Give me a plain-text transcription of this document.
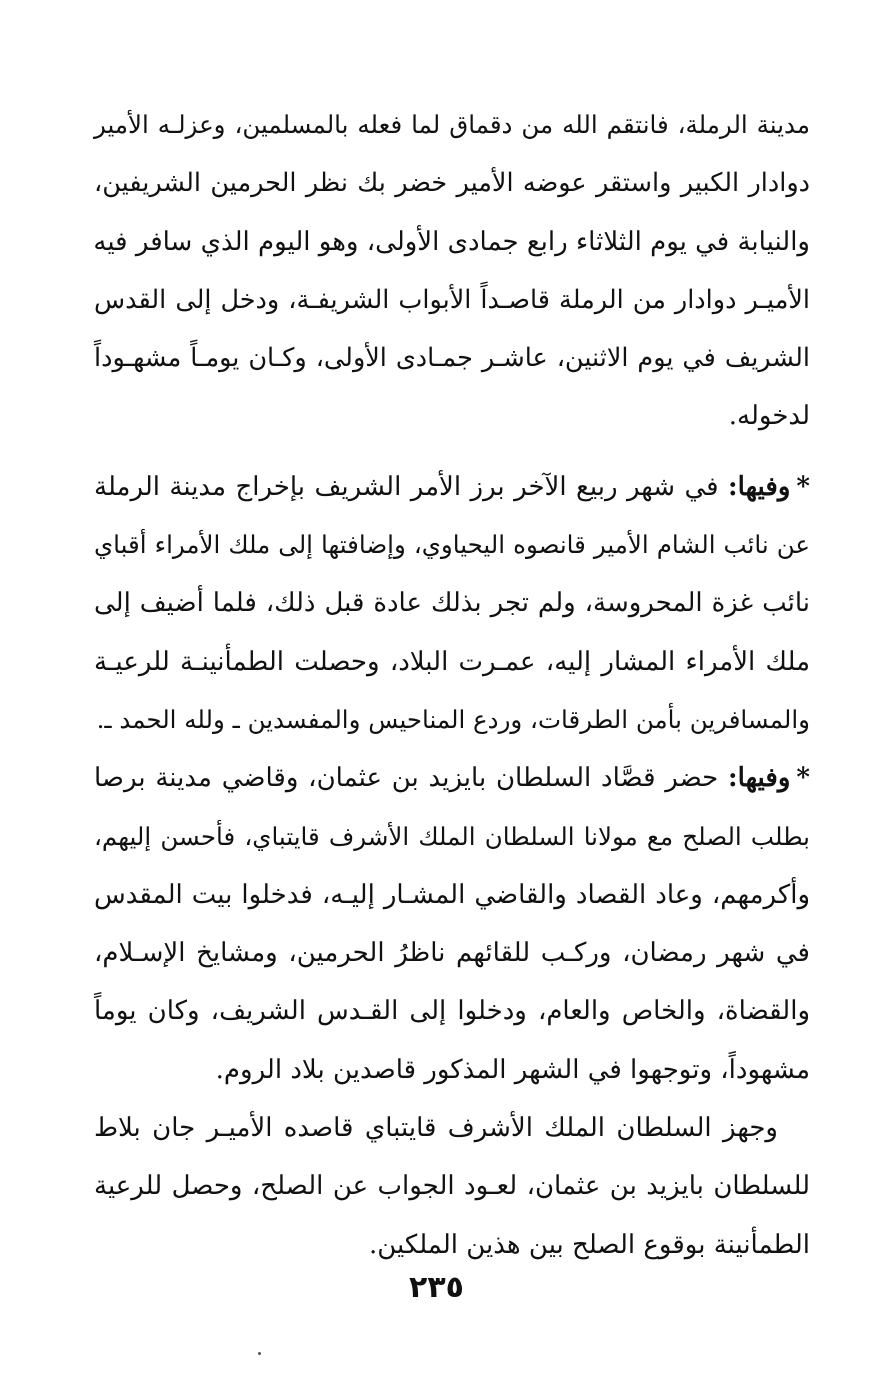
مدينة الرملة، فانتقم الله من دقماق لما فعله بالمسلمين، وعزلـه الأمير
دوادار الكبير واستقر عوضه الأمير خضر بك نظر الحرمين الشريفين،
والنيابة في يوم الثلاثاء رابع جمادى الأولى، وهو اليوم الذي سافر فيه
الأميـر دوادار من الرملة قاصـداً الأبواب الشريفـة، ودخل إلى القدس
الشريف في يوم الاثنين، عاشـر جمـادى الأولى، وكـان يومـاً مشهـوداً
لدخوله.
*وفيها: في شهر ربيع الآخر برز الأمر الشريف بإخراج مدينة الرملة
عن نائب الشام الأمير قانصوه اليحياوي، وإضافتها إلى ملك الأمراء أقباي
نائب غزة المحروسة، ولم تجر بذلك عادة قبل ذلك، فلما أضيف إلى
ملك الأمراء المشار إليه، عمـرت البلاد، وحصلت الطمأنينـة للرعيـة
والمسافرين بأمن الطرقات، وردع المناحيس والمفسدين ـ ولله الحمد ـ.
*وفيها: حضر قصَّاد السلطان بايزيد بن عثمان، وقاضي مدينة برصا
بطلب الصلح مع مولانا السلطان الملك الأشرف قايتباي، فأحسن إليهم،
وأكرمهم، وعاد القصاد والقاضي المشـار إليـه، فدخلوا بيت المقدس
في شهر رمضان، وركـب للقائهم ناظرُ الحرمين، ومشايخ الإسـلام،
والقضاة، والخاص والعام، ودخلوا إلى القـدس الشريف، وكان يوماً
مشهوداً، وتوجهوا في الشهر المذكور قاصدين بلاد الروم.
وجهز السلطان الملك الأشرف قايتباي قاصده الأميـر جان بلاط
للسلطان بايزيد بن عثمان، لعـود الجواب عن الصلح، وحصل للرعية
الطمأنينة بوقوع الصلح بين هذين الملكين.
٢٣٥
